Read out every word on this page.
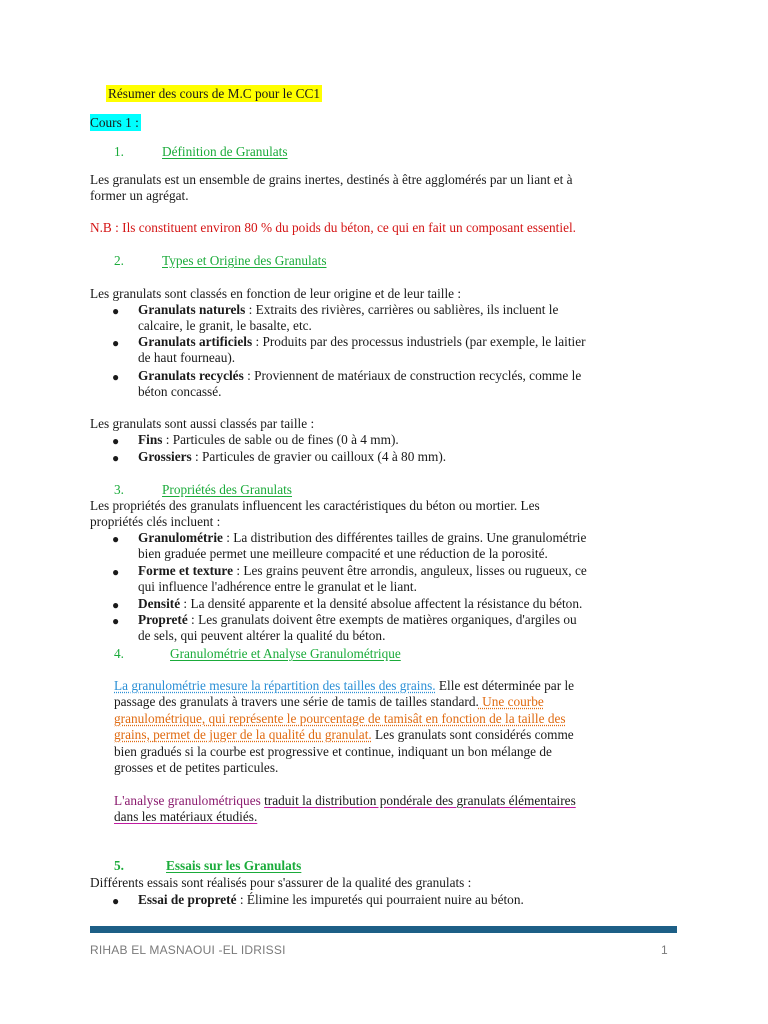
Résumer des cours de M.C pour le CC1
Cours 1 :
1.	Définition de Granulats
Les granulats est un ensemble de grains inertes, destinés à être agglomérés par un liant et à
former un agrégat.
N.B : Ils constituent environ 80 % du poids du béton, ce qui en fait un composant essentiel.
2.	Types et Origine des Granulats
Les granulats sont classés en fonction de leur origine et de leur taille :
● Granulats naturels : Extraits des rivières, carrières ou sablières, ils incluent le
calcaire, le granit, le basalte, etc.
● Granulats artificiels : Produits par des processus industriels (par exemple, le laitier
de haut fourneau).
● Granulats recyclés : Proviennent de matériaux de construction recyclés, comme le
béton concassé.
Les granulats sont aussi classés par taille :
● Fins : Particules de sable ou de fines (0 à 4 mm).
● Grossiers : Particules de gravier ou cailloux (4 à 80 mm).
3.	Propriétés des Granulats
Les propriétés des granulats influencent les caractéristiques du béton ou mortier. Les
propriétés clés incluent :
● Granulométrie : La distribution des différentes tailles de grains. Une granulométrie
bien graduée permet une meilleure compacité et une réduction de la porosité.
● Forme et texture : Les grains peuvent être arrondis, anguleux, lisses ou rugueux, ce
qui influence l'adhérence entre le granulat et le liant.
● Densité : La densité apparente et la densité absolue affectent la résistance du béton.
● Propreté : Les granulats doivent être exempts de matières organiques, d'argiles ou
de sels, qui peuvent altérer la qualité du béton.
4.	Granulométrie et Analyse Granulométrique
La granulométrie mesure la répartition des tailles des grains. Elle est déterminée par le
passage des granulats à travers une série de tamis de tailles standard. Une courbe
granulométrique, qui représente le pourcentage de tamisât en fonction de la taille des
grains, permet de juger de la qualité du granulat. Les granulats sont considérés comme
bien gradués si la courbe est progressive et continue, indiquant un bon mélange de
grosses et de petites particules.
L'analyse granulométriques traduit la distribution pondérale des granulats élémentaires
dans les matériaux étudiés.
5.	Essais sur les Granulats
Différents essais sont réalisés pour s'assurer de la qualité des granulats :
● Essai de propreté : Élimine les impuretés qui pourraient nuire au béton.
RIHAB EL MASNAOUI -EL IDRISSI	1
